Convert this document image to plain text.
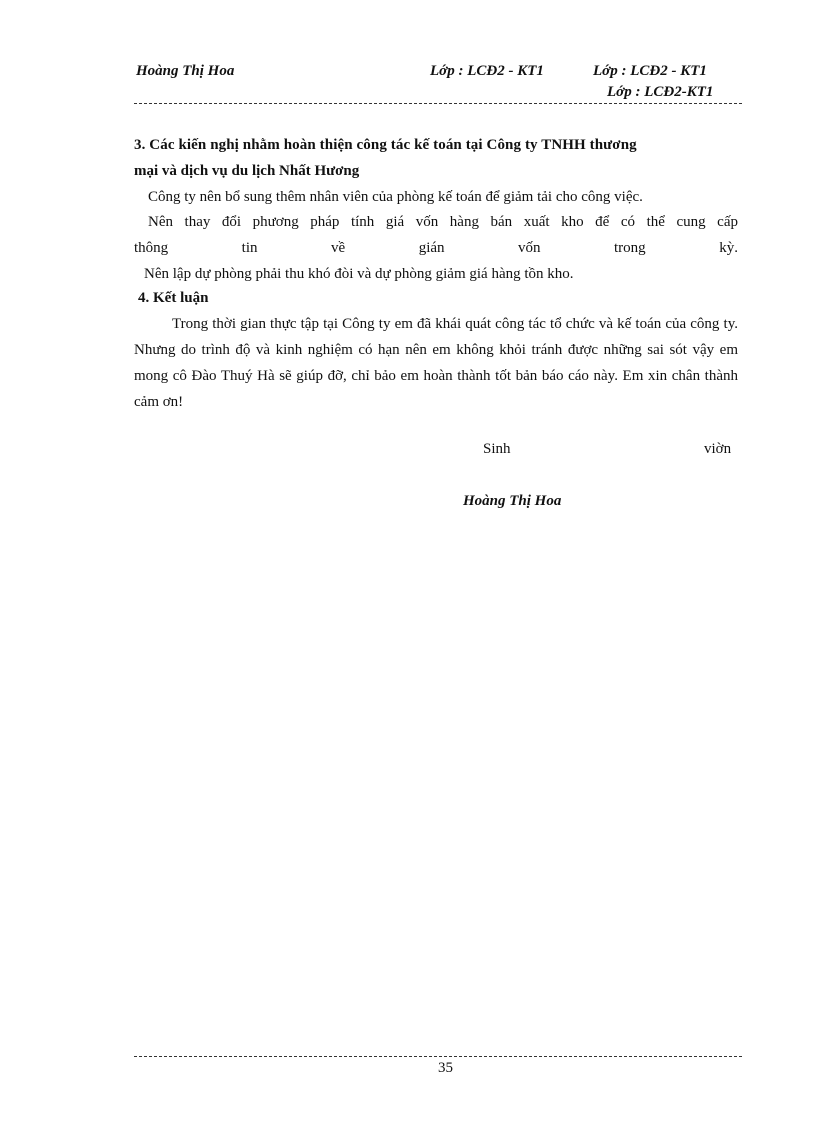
Hoàng Thị Hoa	Lớp : LCĐ2 - KT1	Lớp : LCĐ2 - KT1
Lớp : LCĐ2-KT1
3. Các kiến nghị nhằm hoàn thiện công tác kế toán tại Công ty TNHH thương
mại và dịch vụ du lịch Nhất Hương
Công ty nên bổ sung thêm nhân viên của phòng kế toán để giảm tải cho công việc.
Nên thay đổi phương pháp tính giá vốn hàng bán xuất kho để có thể cung cấp
thông	tin	về	gián	vốn	trong	kỳ.
Nên lập dự phòng phải thu khó đòi và dự phòng giảm giá hàng tồn kho.
4. Kết luận
Trong thời gian thực tập tại Công ty em đã khái quát công tác tổ chức và kế toán của công ty. Nhưng do trình độ và kinh nghiệm có hạn nên em không khỏi tránh được những sai sót vậy em mong cô Đào Thuý Hà sẽ giúp đỡ, chỉ bảo em hoàn thành tốt bản báo cáo này. Em xin chân thành cảm ơn!
Sinh	viờn
Hoàng Thị Hoa
35
